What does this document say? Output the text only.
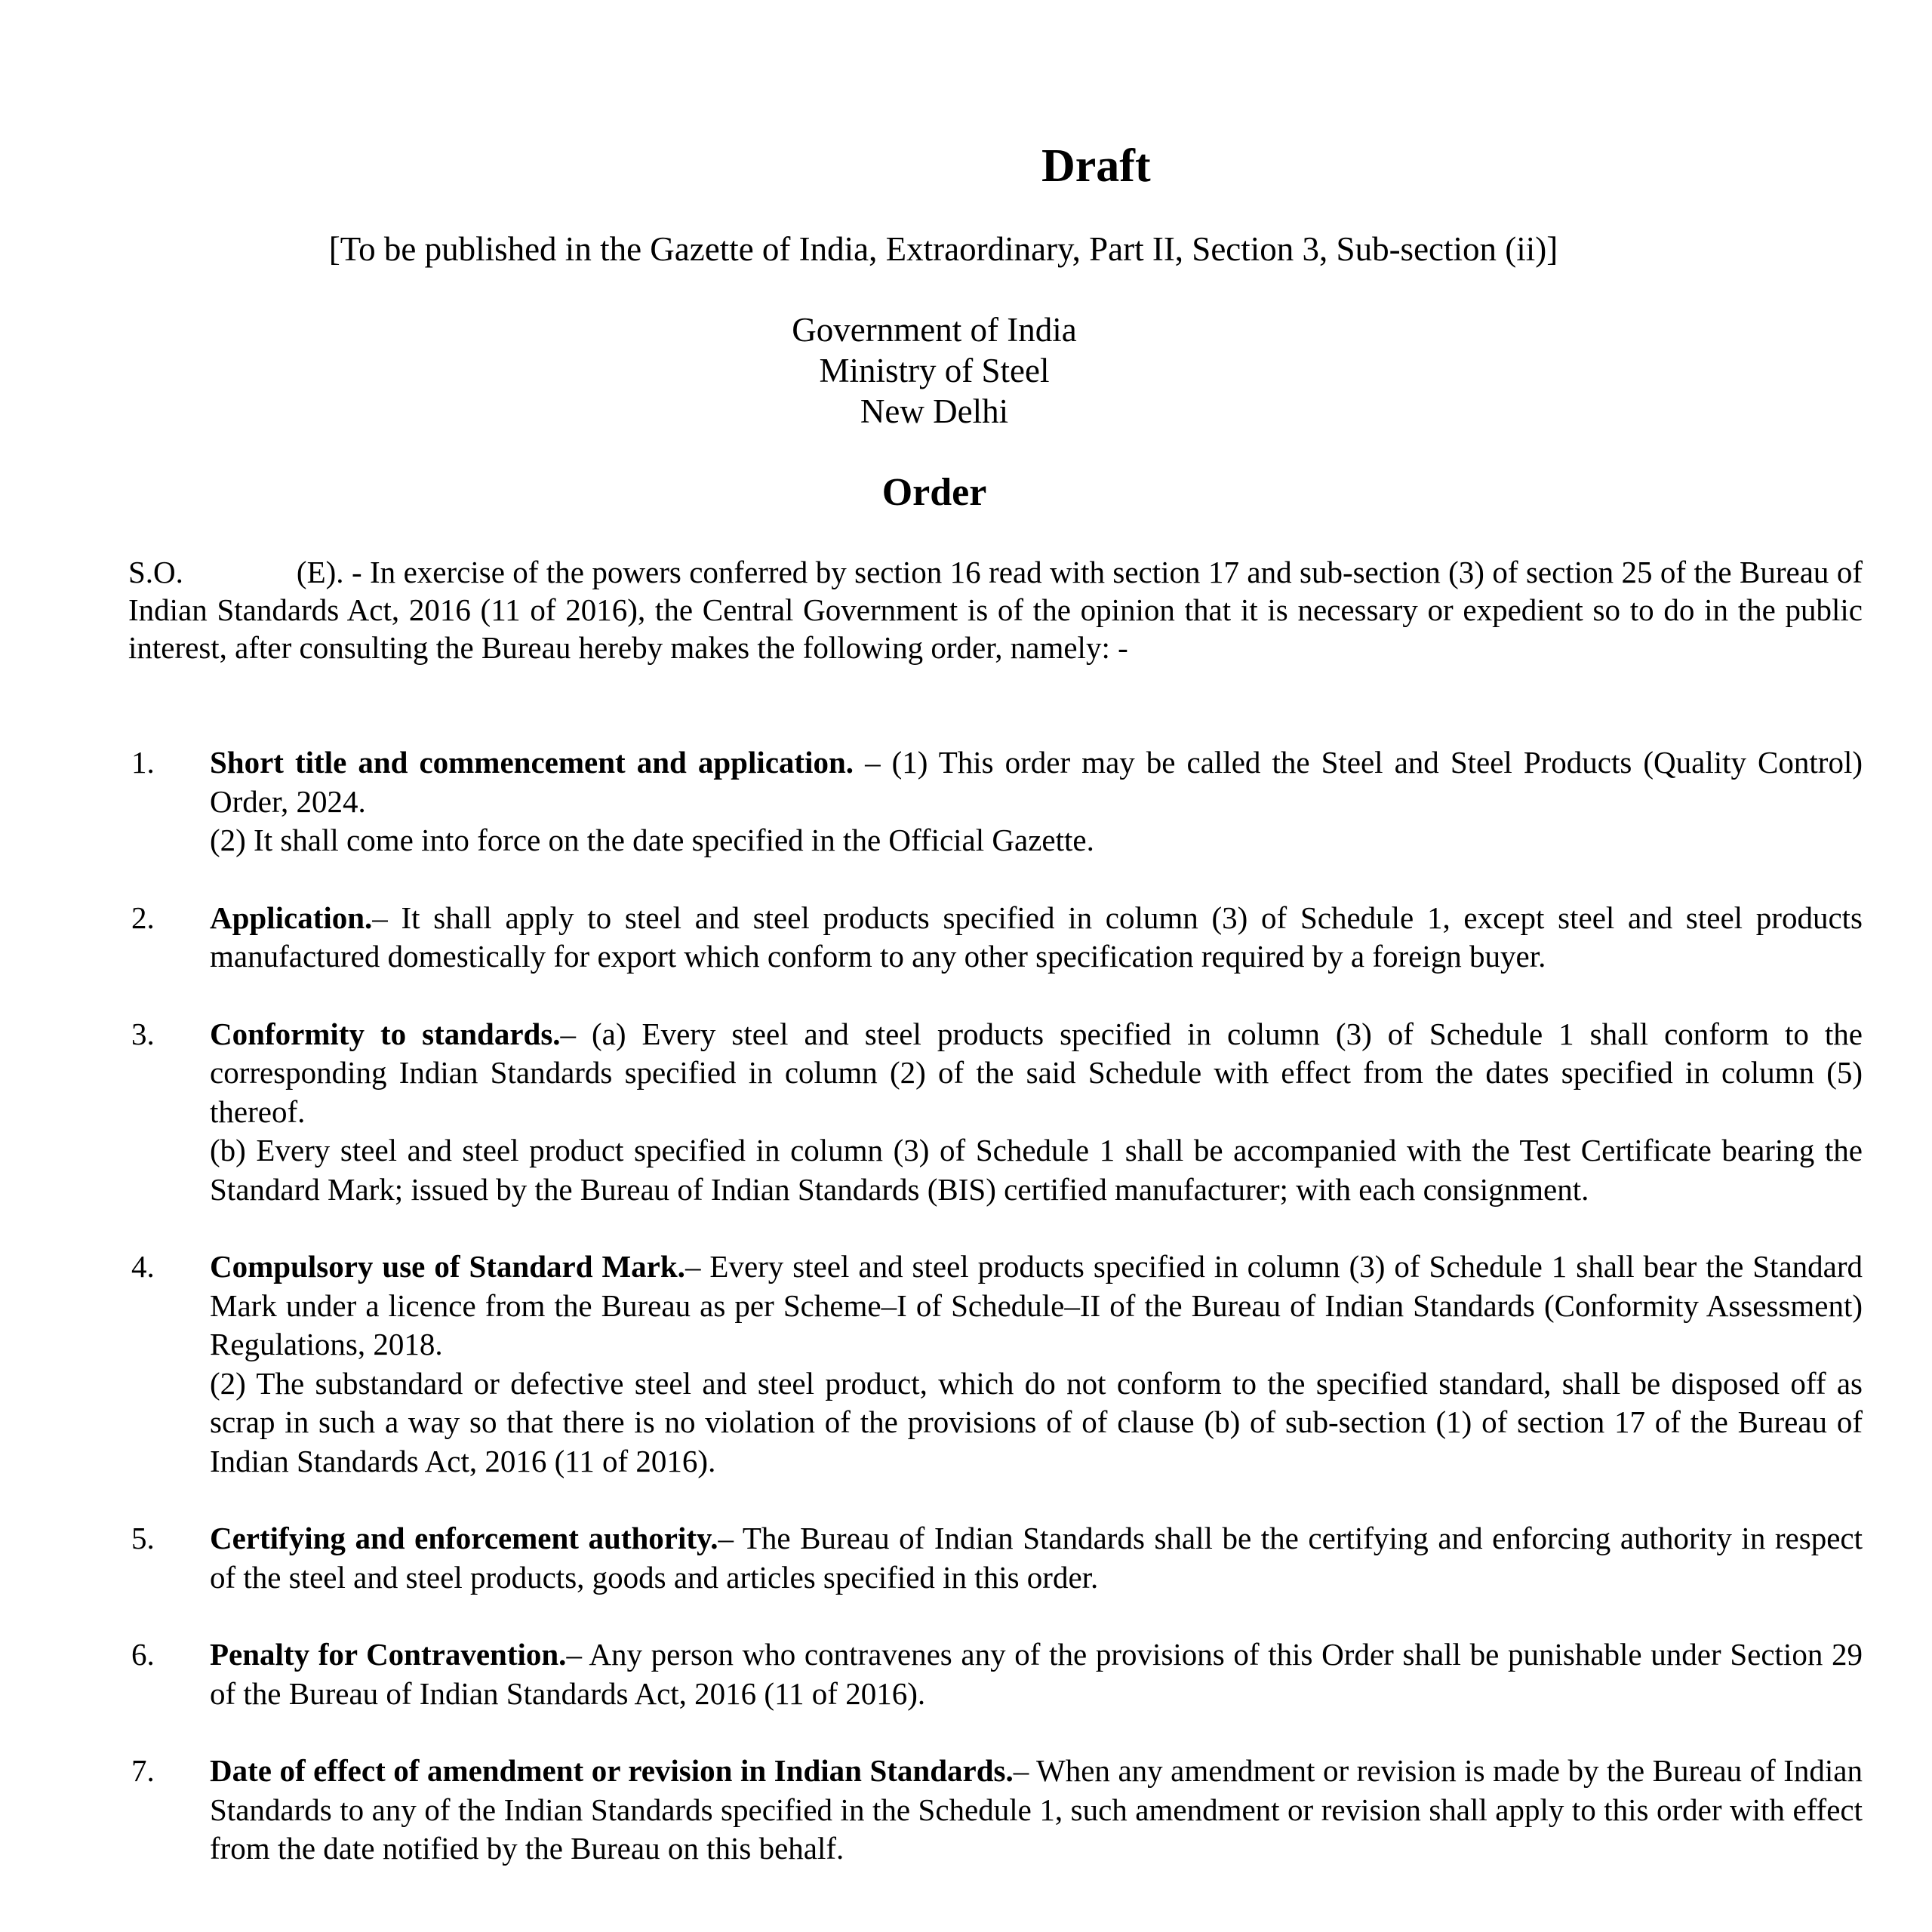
Draft
[To be published in the Gazette of India, Extraordinary, Part II, Section 3, Sub-section (ii)]
Government of India
Ministry of Steel
New Delhi
Order
S.O.	(E). - In exercise of the powers conferred by section 16 read with section 17 and sub-section (3) of section 25 of the Bureau of Indian Standards Act, 2016 (11 of 2016), the Central Government is of the opinion that it is necessary or expedient so to do in the public interest, after consulting the Bureau hereby makes the following order, namely: -
1. Short title and commencement and application. – (1) This order may be called the Steel and Steel Products (Quality Control) Order, 2024.

(2) It shall come into force on the date specified in the Official Gazette.

2. Application.– It shall apply to steel and steel products specified in column (3) of Schedule 1, except steel and steel products manufactured domestically for export which conform to any other specification required by a foreign buyer.

3. Conformity to standards.– (a) Every steel and steel products specified in column (3) of Schedule 1 shall conform to the corresponding Indian Standards specified in column (2) of the said Schedule with effect from the dates specified in column (5) thereof.

(b) Every steel and steel product specified in column (3) of Schedule 1 shall be accompanied with the Test Certificate bearing the Standard Mark; issued by the Bureau of Indian Standards (BIS) certified manufacturer; with each consignment.

4. Compulsory use of Standard Mark.– Every steel and steel products specified in column (3) of Schedule 1 shall bear the Standard Mark under a licence from the Bureau as per Scheme–I of Schedule–II of the Bureau of Indian Standards (Conformity Assessment) Regulations, 2018.

(2) The substandard or defective steel and steel product, which do not conform to the specified standard, shall be disposed off as scrap in such a way so that there is no violation of the provisions of of clause (b) of sub-section (1) of section 17 of the Bureau of Indian Standards Act, 2016 (11 of 2016).

5. Certifying and enforcement authority.– The Bureau of Indian Standards shall be the certifying and enforcing authority in respect of the steel and steel products, goods and articles specified in this order.

6. Penalty for Contravention.– Any person who contravenes any of the provisions of this Order shall be punishable under Section 29 of the Bureau of Indian Standards Act, 2016 (11 of 2016).

7. Date of effect of amendment or revision in Indian Standards.– When any amendment or revision is made by the Bureau of Indian Standards to any of the Indian Standards specified in the Schedule 1, such amendment or revision shall apply to this order with effect from the date notified by the Bureau on this behalf.
